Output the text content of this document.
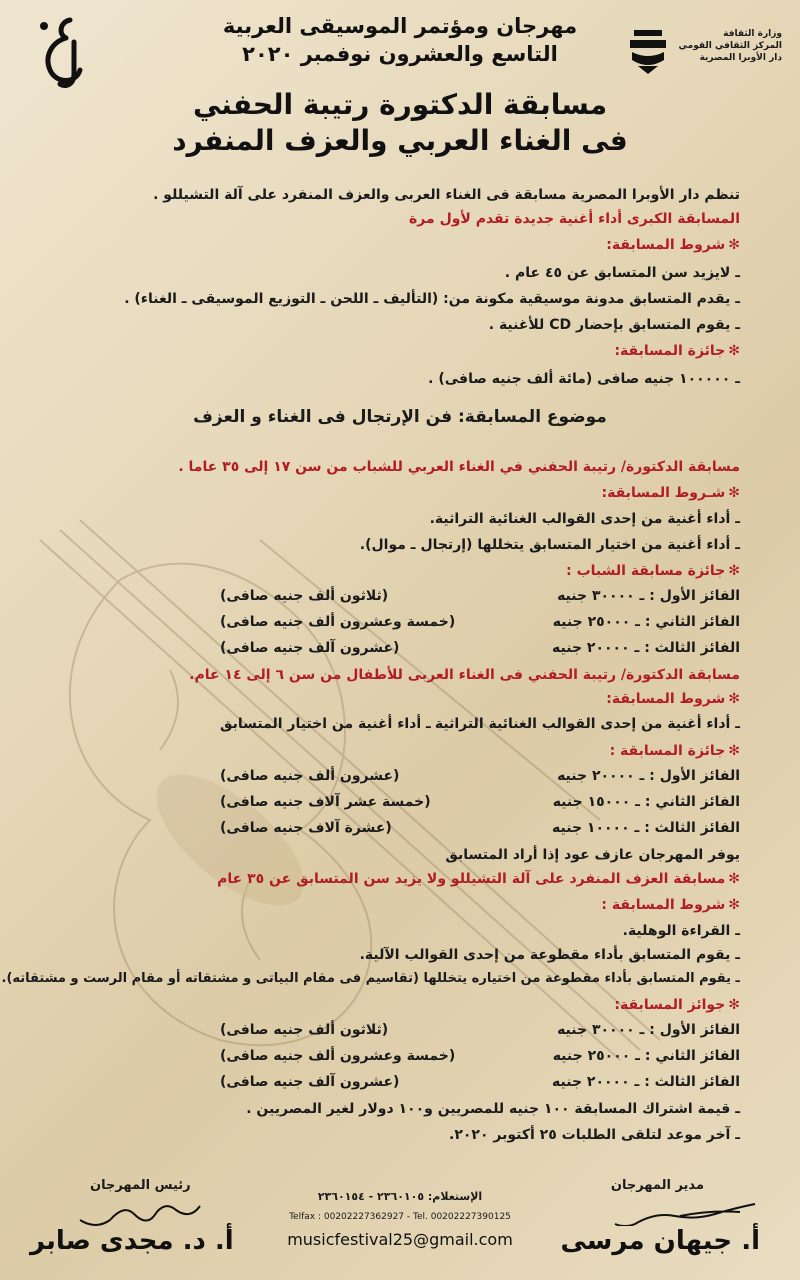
وزارة الثقافة
المركز الثقافي القومي
دار الأوبرا المصرية
مهرجان ومؤتمر الموسيقى العربية
التاسع والعشرون نوفمبر ٢٠٢٠
مسابقة الدكتورة رتيبة الحفني
فى الغناء العربي والعزف المنفرد
تنظم دار الأوبرا المصرية مسابقة فى الغناء العربى والعزف المنفرد على آلة التشيللو .
المسابقة الكبرى أداء أغنية جديدة تقدم لأول مرة
✻شروط المسابقة:
ـ لايزيد سن المتسابق عن ٤٥ عام .
ـ يقدم المتسابق مدونة موسيقية مكونة من: (التأليف ـ اللحن ـ التوزيع الموسيقى ـ الغناء) .
ـ يقوم المتسابق بإحضار CD للأغنية .
✻جائزة المسابقة:
ـ ١٠٠٠٠٠ جنيه صافى (مائة ألف جنيه صافى) .
موضوع المسابقة: فن الإرتجال فى الغناء و العزف
مسابقة الدكتورة/ رتيبة الحفني في الغناء العربي للشباب من سن ١٧ إلى ٣٥ عاما .
✻شـروط المسابقة:
ـ أداء أغنية من إحدى القوالب الغنائية التراثية.
ـ أداء أغنية من اختيار المتسابق يتخللها (إرتجال ـ موال).
✻جائزة مسابقة الشباب :
الفائز الأول : ـ ٣٠٠٠٠ جنيه
(ثلاثون ألف جنيه صافى)
الفائز الثاني : ـ ٢٥٠٠٠ جنيه
(خمسة وعشرون ألف جنيه صافى)
الفائز الثالث : ـ ٢٠٠٠٠ جنيه
(عشرون آلف جنيه صافى)
مسابقة الدكتورة/ رتيبة الحفني فى الغناء العربى للأطفال من سن ٦ إلى ١٤ عام.
✻شروط المسابقة:
ـ أداء أغنية من إحدى القوالب الغنائية التراثية
ـ أداء أغنية من اختيار المتسابق
✻جائزة المسابقة :
الفائز الأول : ـ ٢٠٠٠٠ جنيه
(عشرون ألف جنيه صافى)
الفائز الثاني : ـ ١٥٠٠٠ جنيه
(خمسة عشر آلاف جنيه صافى)
الفائز الثالث : ـ ١٠٠٠٠ جنيه
(عشرة آلاف جنيه صافى)
يوفر المهرجان عازف عود إذا أراد المتسابق
✻مسابقة العزف المنفرد على آلة التشيللو ولا يزيد سن المتسابق عن ٣٥ عام
✻شروط المسابقة :
ـ القراءة الوهلية.
ـ يقوم المتسابق بأداء مقطوعة من إحدى القوالب الآلية.
ـ يقوم المتسابق بأداء مقطوعة من اختياره يتخللها (تقاسيم فى مقام البياتى و مشتقاته أو مقام الرست و مشتقاته).
✻جوائز المسابقة:
الفائز الأول : ـ ٣٠٠٠٠ جنيه
(ثلاثون ألف جنيه صافى)
الفائز الثاني : ـ ٢٥٠٠٠ جنيه
(خمسة وعشرون ألف جنيه صافى)
الفائز الثالث : ـ ٢٠٠٠٠ جنيه
(عشرون آلف جنيه صافى)
ـ قيمة اشتراك المسابقة ١٠٠ جنيه للمصريين و١٠٠ دولار لغير المصريين .
ـ آخر موعد لتلقى الطلبات ٢٥ أكتوبر ٢٠٢٠.
رئيس المهرجان
أ. د. مجدى صابر
مدير المهرجان
أ. جيهان مرسى
الإستعلام: ٢٣٦٠١٠٥ - ٢٣٦٠١٥٤
Telfax : 00202227362927 - Tel. 00202227390125
musicfestival25@gmail.com
